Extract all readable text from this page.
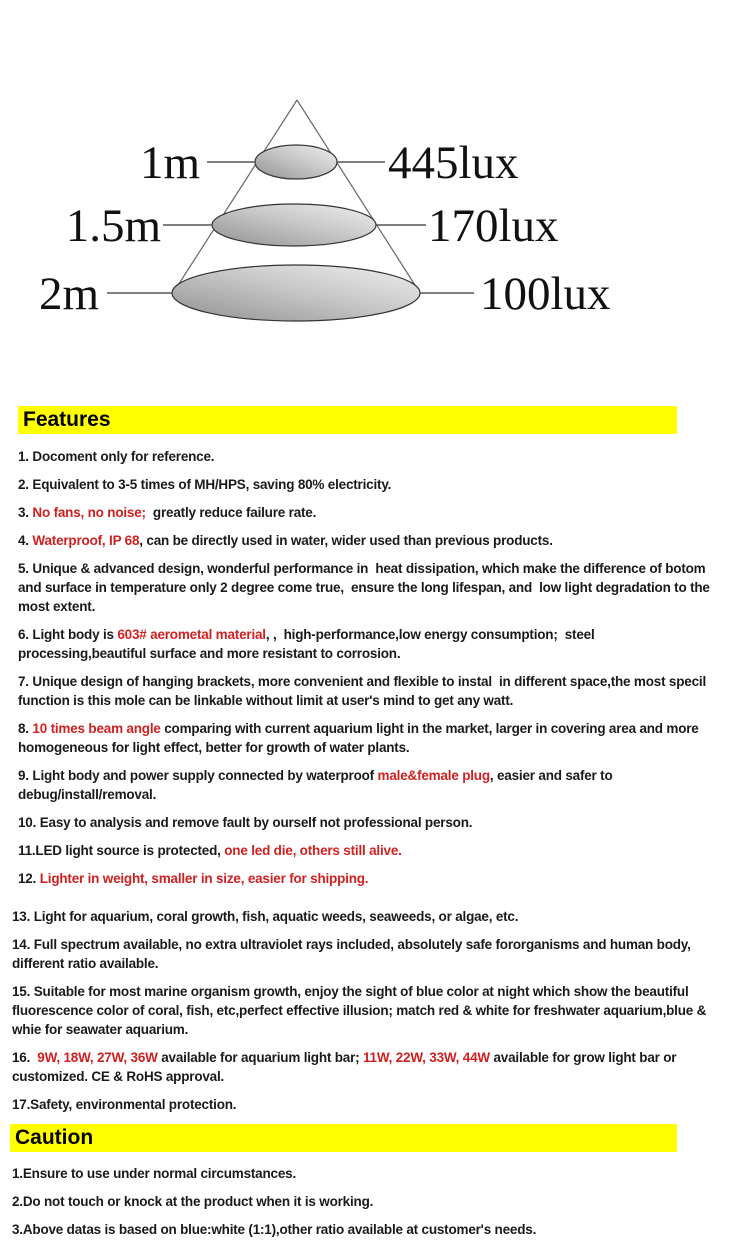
1m	445lux
1.5m	170lux
2m	100lux
Features

1. Docoment only for reference.

2. Equivalent to 3-5 times of MH/HPS, saving 80% electricity.

3. No fans, no noise;  greatly reduce failure rate.

4. Waterproof, IP 68, can be directly used in water, wider used than previous products.

5. Unique & advanced design, wonderful performance in  heat dissipation, which make the difference of botom and surface in temperature only 2 degree come true,  ensure the long lifespan, and  low light degradation to the most extent.

6. Light body is 603# aerometal material, ,  high-performance,low energy consumption;  steel processing,beautiful surface and more resistant to corrosion.

7. Unique design of hanging brackets, more convenient and flexible to instal  in different space,the most specil function is this mole can be linkable without limit at user's mind to get any watt.

8. 10 times beam angle comparing with current aquarium light in the market, larger in covering area and more homogeneous for light effect, better for growth of water plants.

9. Light body and power supply connected by waterproof male&female plug, easier and safer to debug/install/removal.

10. Easy to analysis and remove fault by ourself not professional person.

11.LED light source is protected, one led die, others still alive.

12. Lighter in weight, smaller in size, easier for shipping.

13. Light for aquarium, coral growth, fish, aquatic weeds, seaweeds, or algae, etc.

14. Full spectrum available, no extra ultraviolet rays included, absolutely safe fororganisms and human body, different ratio available.

15. Suitable for most marine organism growth, enjoy the sight of blue color at night which show the beautiful fluorescence color of coral, fish, etc,perfect effective illusion; match red & white for freshwater aquarium,blue & whie for seawater aquarium.

16.  9W, 18W, 27W, 36W available for aquarium light bar; 11W, 22W, 33W, 44W available for grow light bar or customized. CE & RoHS approval.

17.Safety, environmental protection.

Caution

1.Ensure to use under normal circumstances.

2.Do not touch or knock at the product when it is working.

3.Above datas is based on blue:white (1:1),other ratio available at customer's needs.
